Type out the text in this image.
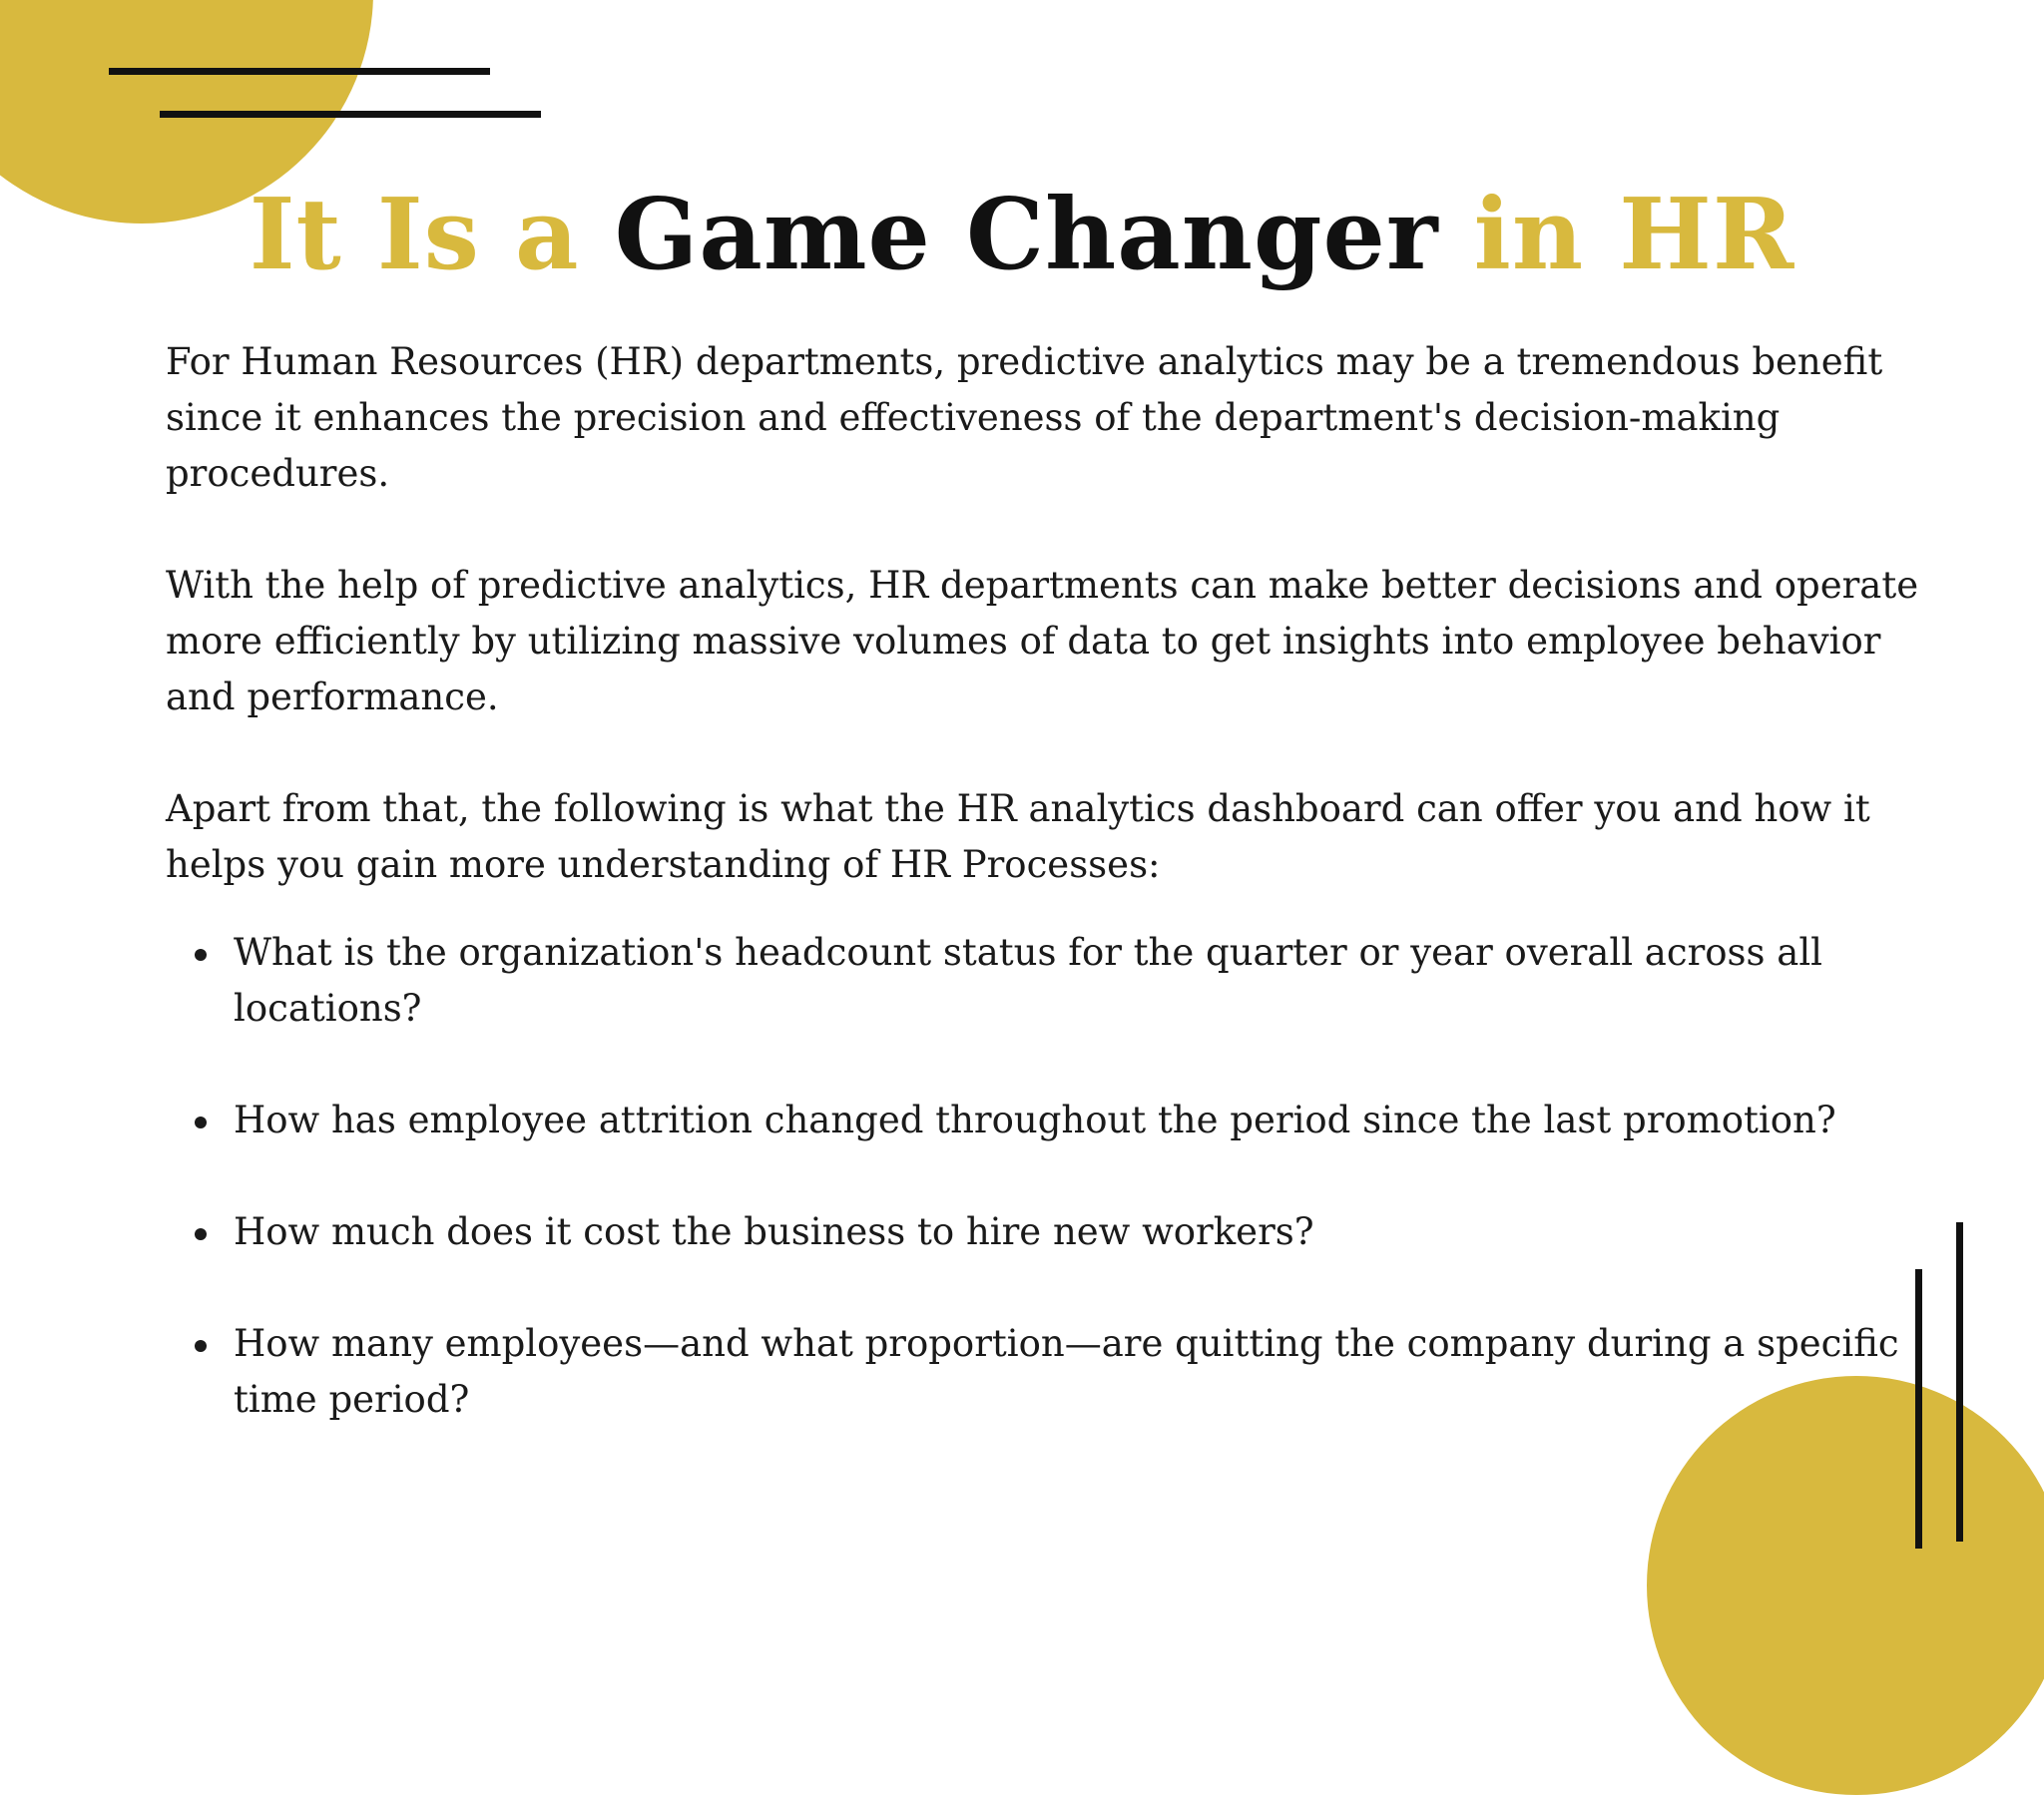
It Is a Game Changer in HR

For Human Resources (HR) departments, predictive analytics may be a tremendous benefit since it enhances the precision and effectiveness of the department's decision-making procedures.

With the help of predictive analytics, HR departments can make better decisions and operate more efficiently by utilizing massive volumes of data to get insights into employee behavior and performance.

Apart from that, the following is what the HR analytics dashboard can offer you and how it helps you gain more understanding of HR Processes:

What is the organization's headcount status for the quarter or year overall across all locations?
How has employee attrition changed throughout the period since the last promotion?
How much does it cost the business to hire new workers?
How many employees—and what proportion—are quitting the company during a specific time period?
